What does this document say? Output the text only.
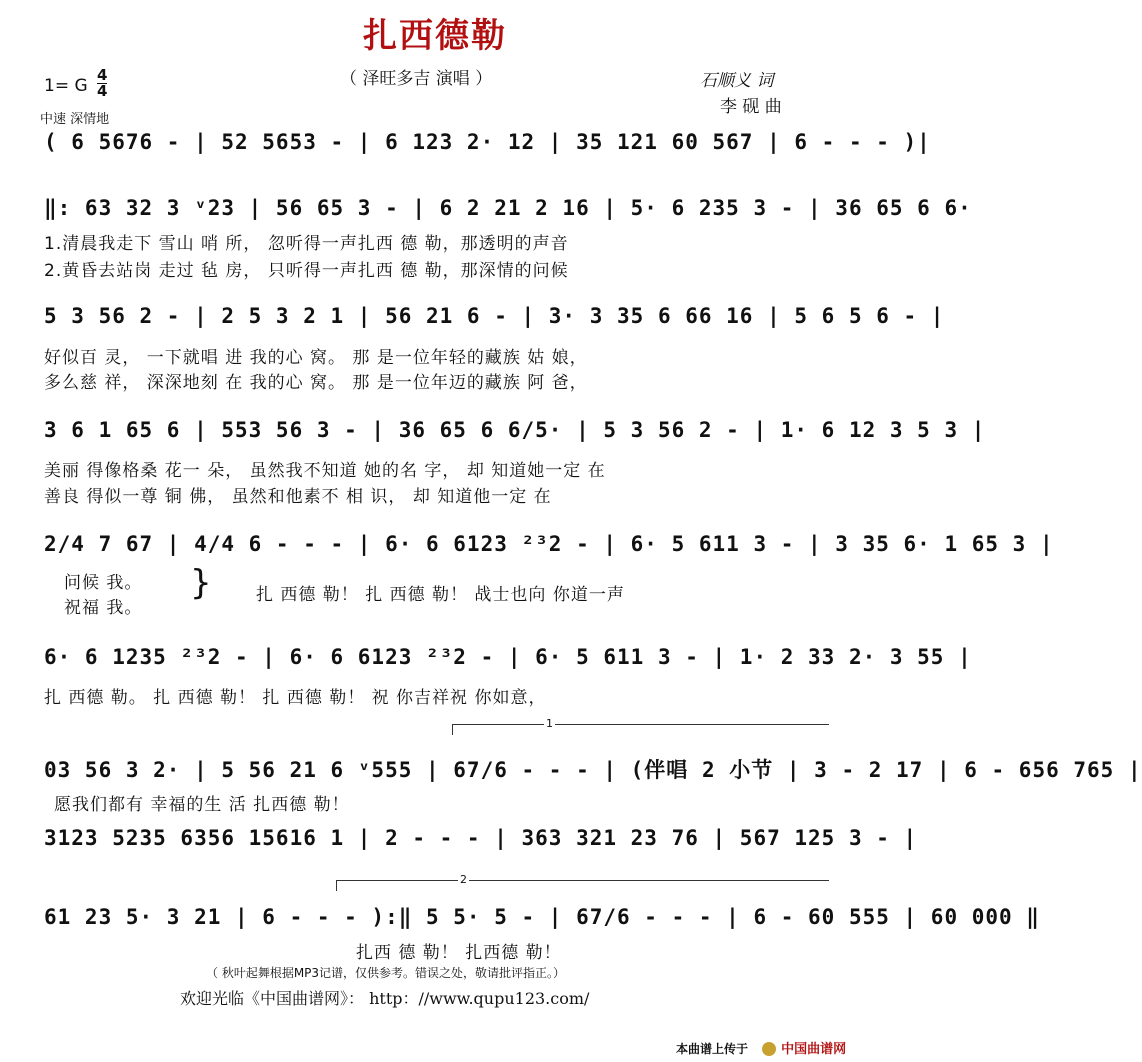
扎西德勒
（ 泽旺多吉 演唱 ）
1= G
4
4
中速 深情地
石顺义 词
李 砚 曲
( 6 5676 - | 52 5653 - | 6 123 2· 12 | 35 121 60 567 | 6 - - - )|
‖: 63 32 3 ᵛ23 | 56 65 3 - | 6 2 21 2 16 | 5· 6 235 3 - | 36 65 6 6·
1.清晨我走下 雪山 哨 所， 忽听得一声扎西 德 勒，那透明的声音
2.黄昏去站岗 走过 毡 房， 只听得一声扎西 德 勒，那深情的问候
5 3 56 2 - | 2 5 3 2 1 | 56 21 6 - | 3· 3 35 6 66 16 | 5 6 5 6 - |
好似百 灵， 一下就唱 进 我的心 窝。 那 是一位年轻的藏族 姑 娘，
多么慈 祥， 深深地刻 在 我的心 窝。 那 是一位年迈的藏族 阿 爸，
3 6 1 65 6 | 553 56 3 - | 36 65 6 6/5· | 5 3 56 2 - | 1· 6 12 3 5 3 |
美丽 得像格桑 花一 朵， 虽然我不知道 她的名 字， 却 知道她一定 在
善良 得似一尊 铜 佛， 虽然和他素不 相 识， 却 知道他一定 在
2/4 7 67 | 4/4 6 - - - | 6· 6 6123 ²³2 - | 6· 5 611 3 - | 3 35 6· 1 65 3 |
问候 我。
祝福 我。
}	扎 西德 勒！ 扎 西德 勒！ 战士也向 你道一声
6· 6 1235 ²³2 - | 6· 6 6123 ²³2 - | 6· 5 611 3 - | 1· 2 33 2· 3 55 |
扎 西德 勒。 扎 西德 勒！ 扎 西德 勒！ 祝 你吉祥祝 你如意，
1
03 56 3 2· | 5 56 21 6 ᵛ555 | 67/6 - - - | (伴唱 2 小节 | 3 - 2 17 | 6 - 656 765 |
愿我们都有 幸福的生 活 扎西德 勒！
3123 5235 6356 15616 1 | 2 - - - | 363 321 23 76 | 567 125 3 - |
2
61 23 5· 3 21 | 6 - - - ):‖ 5 5· 5 - | 67/6 - - - | 6 - 60 555 | 60 000 ‖
扎西 德 勒！ 扎西德 勒！
（ 秋叶起舞根据MP3记谱，仅供参考。错误之处，敬请批评指正。）
欢迎光临《中国曲谱网》： http：//www.qupu123.com/
本曲谱上传于	中国曲谱网
